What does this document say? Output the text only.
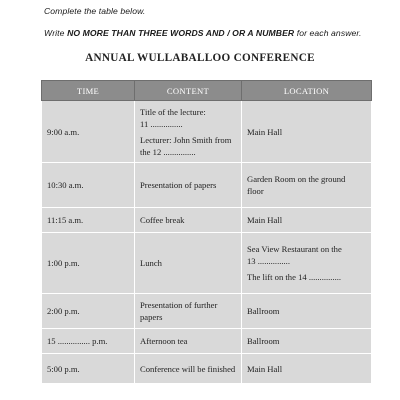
Complete the table below.
Write NO MORE THAN THREE WORDS AND / OR A NUMBER for each answer.
ANNUAL WULLABALLOO CONFERENCE
TIME	CONTENT	LOCATION
9:00 a.m.	Title of the lecture:
11 ...............
Lecturer: John Smith from
the 12 ...............	Main Hall

10:30 a.m.	Presentation of papers	Garden Room on the ground
floor

11:15 a.m.	Coffee break	Main Hall

1:00 p.m.	Lunch	Sea View Restaurant on the
13 ...............
The lift on the 14 ...............

2:00 p.m.	Presentation of further
papers	Ballroom

15 ............... p.m.	Afternoon tea	Ballroom

5:00 p.m.	Conference will be finished	Main Hall
